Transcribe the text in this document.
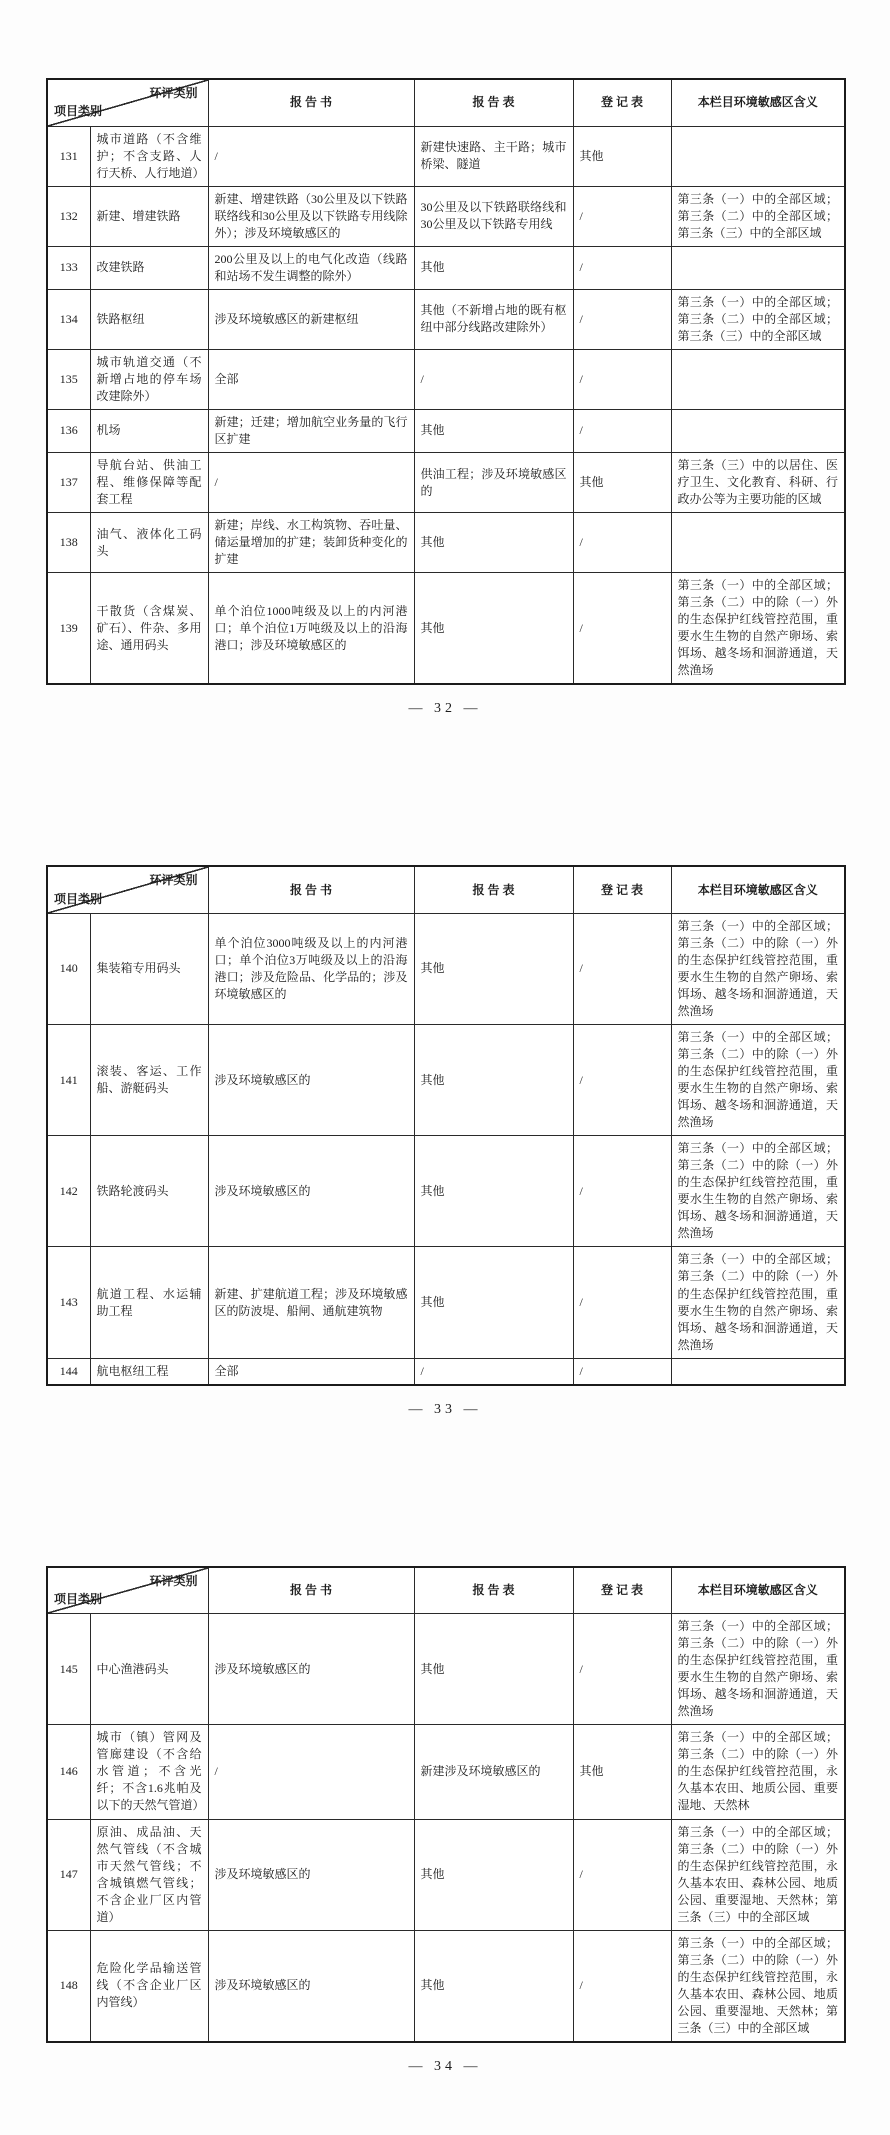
环评类别
项目类别		报 告 书	报 告 表	登 记 表	本栏目环境敏感区含义
131	城市道路（不含维护；不含支路、人行天桥、人行地道）	/	新建快速路、主干路；城市桥梁、隧道	其他	
132	新建、增建铁路	新建、增建铁路（30公里及以下铁路联络线和30公里及以下铁路专用线除外）；涉及环境敏感区的	30公里及以下铁路联络线和30公里及以下铁路专用线	/	第三条（一）中的全部区域；第三条（二）中的全部区域；第三条（三）中的全部区域
133	改建铁路	200公里及以上的电气化改造（线路和站场不发生调整的除外）	其他	/	
134	铁路枢纽	涉及环境敏感区的新建枢纽	其他（不新增占地的既有枢纽中部分线路改建除外）	/	第三条（一）中的全部区域；第三条（二）中的全部区域；第三条（三）中的全部区域
135	城市轨道交通（不新增占地的停车场改建除外）	全部	/	/	
136	机场	新建；迁建；增加航空业务量的飞行区扩建	其他	/	
137	导航台站、供油工程、维修保障等配套工程	/	供油工程；涉及环境敏感区的	其他	第三条（三）中的以居住、医疗卫生、文化教育、科研、行政办公等为主要功能的区域
138	油气、液体化工码头	新建；岸线、水工构筑物、吞吐量、储运量增加的扩建；装卸货种变化的扩建	其他	/	
139	干散货（含煤炭、矿石）、件杂、多用途、通用码头	单个泊位1000吨级及以上的内河港口；单个泊位1万吨级及以上的沿海港口；涉及环境敏感区的	其他	/	第三条（一）中的全部区域；第三条（二）中的除（一）外的生态保护红线管控范围，重要水生生物的自然产卵场、索饵场、越冬场和洄游通道，天然渔场
— 32 —
环评类别
项目类别		报 告 书	报 告 表	登 记 表	本栏目环境敏感区含义
140	集装箱专用码头	单个泊位3000吨级及以上的内河港口；单个泊位3万吨级及以上的沿海港口；涉及危险品、化学品的；涉及环境敏感区的	其他	/	第三条（一）中的全部区域；第三条（二）中的除（一）外的生态保护红线管控范围，重要水生生物的自然产卵场、索饵场、越冬场和洄游通道，天然渔场
141	滚装、客运、工作船、游艇码头	涉及环境敏感区的	其他	/	第三条（一）中的全部区域；第三条（二）中的除（一）外的生态保护红线管控范围，重要水生生物的自然产卵场、索饵场、越冬场和洄游通道，天然渔场
142	铁路轮渡码头	涉及环境敏感区的	其他	/	第三条（一）中的全部区域；第三条（二）中的除（一）外的生态保护红线管控范围，重要水生生物的自然产卵场、索饵场、越冬场和洄游通道，天然渔场
143	航道工程、水运辅助工程	新建、扩建航道工程；涉及环境敏感区的防波堤、船闸、通航建筑物	其他	/	第三条（一）中的全部区域；第三条（二）中的除（一）外的生态保护红线管控范围，重要水生生物的自然产卵场、索饵场、越冬场和洄游通道，天然渔场
144	航电枢纽工程	全部	/	/	
— 33 —
环评类别
项目类别		报 告 书	报 告 表	登 记 表	本栏目环境敏感区含义
145	中心渔港码头	涉及环境敏感区的	其他	/	第三条（一）中的全部区域；第三条（二）中的除（一）外的生态保护红线管控范围，重要水生生物的自然产卵场、索饵场、越冬场和洄游通道，天然渔场
146	城市（镇）管网及管廊建设（不含给水管道；不含光纤；不含1.6兆帕及以下的天然气管道）	/	新建涉及环境敏感区的	其他	第三条（一）中的全部区域；第三条（二）中的除（一）外的生态保护红线管控范围，永久基本农田、地质公园、重要湿地、天然林
147	原油、成品油、天然气管线（不含城市天然气管线；不含城镇燃气管线；不含企业厂区内管道）	涉及环境敏感区的	其他	/	第三条（一）中的全部区域；第三条（二）中的除（一）外的生态保护红线管控范围，永久基本农田、森林公园、地质公园、重要湿地、天然林；第三条（三）中的全部区域
148	危险化学品输送管线（不含企业厂区内管线）	涉及环境敏感区的	其他	/	第三条（一）中的全部区域；第三条（二）中的除（一）外的生态保护红线管控范围，永久基本农田、森林公园、地质公园、重要湿地、天然林；第三条（三）中的全部区域
— 34 —
